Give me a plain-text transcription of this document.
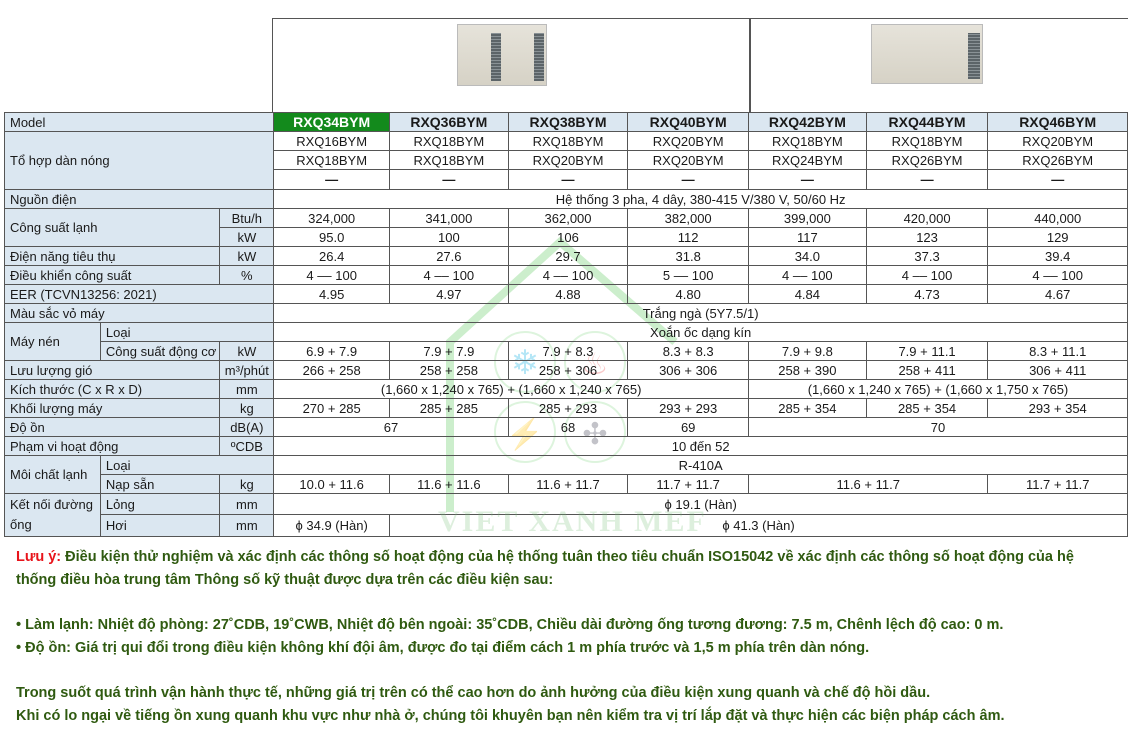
❄ ♨
⚡ ✣
Model			RXQ34BYM	RXQ36BYM	RXQ38BYM	RXQ40BYM	RXQ42BYM	RXQ44BYM	RXQ46BYM
Tổ hợp dàn nóng			RXQ16BYM	RXQ18BYM	RXQ18BYM	RXQ20BYM	RXQ18BYM	RXQ18BYM	RXQ20BYM
			RXQ18BYM	RXQ18BYM	RXQ20BYM	RXQ20BYM	RXQ24BYM	RXQ26BYM	RXQ26BYM
			—	—	—	—	—	—	—
Nguồn điện			Hệ thống 3 pha, 4 dây, 380-415 V/380 V, 50/60 Hz						
Công suất lạnh		Btu/h	324,000	341,000	362,000	382,000	399,000	420,000	440,000
		kW	95.0	100	106	112	117	123	129
Điện năng tiêu thụ		kW	26.4	27.6	29.7	31.8	34.0	37.3	39.4
Điều khiển công suất		%	4 –– 100	4 –– 100	4 –– 100	5 –– 100	4 –– 100	4 –– 100	4 –– 100
EER (TCVN13256: 2021)			4.95	4.97	4.88	4.80	4.84	4.73	4.67
Màu sắc vỏ máy			Trắng ngà (5Y7.5/1)						
Máy nén	Loại		Xoắn ốc dạng kín						
	Công suất động cơ	kW	6.9 + 7.9	7.9 + 7.9	7.9 + 8.3	8.3 + 8.3	7.9 + 9.8	7.9 + 11.1	8.3 + 11.1
Lưu lượng gió		m³/phút	266 + 258	258 + 258	258 + 306	306 + 306	258 + 390	258 + 411	306 + 411
Kích thước (C x R x D)		mm	(1,660 x 1,240 x 765) + (1,660 x 1,240 x 765)				(1,660 x 1,240 x 765) + (1,660 x 1,750 x 765)		
Khối lượng máy		kg	270 + 285	285 + 285	285 + 293	293 + 293	285 + 354	285 + 354	293 + 354
Độ ồn		dB(A)	67		68	69	70		
Phạm vi hoạt động		ºCDB	10 đến 52						
Môi chất lạnh	Loại		R-410A						
	Nạp sẵn	kg	10.0 + 11.6	11.6 + 11.6	11.6 + 11.7	11.7 + 11.7	11.6 + 11.7		11.7 + 11.7
Kết nối đường ống	Lỏng	mm	ϕ 19.1 (Hàn)						
	Hơi	mm	ϕ 34.9 (Hàn)	ϕ 41.3 (Hàn)					
VIET XANH MEF

Lưu ý: Điều kiện thử nghiệm và xác định các thông số hoạt động của hệ thống tuân theo tiêu chuẩn ISO15042 về xác định các thông số hoạt động của hệ thống điều hòa trung tâm Thông số kỹ thuật được dựa trên các điều kiện sau:

• Làm lạnh: Nhiệt độ phòng: 27˚CDB, 19˚CWB, Nhiệt độ bên ngoài: 35˚CDB, Chiều dài đường ống tương đương: 7.5 m, Chênh lệch độ cao: 0 m.

• Độ ồn: Giá trị qui đổi trong điều kiện không khí đội âm, được đo tại điểm cách 1 m phía trước và 1,5 m phía trên dàn nóng.

Trong suốt quá trình vận hành thực tế, những giá trị trên có thể cao hơn do ảnh hưởng của điều kiện xung quanh và chế độ hồi dầu.

Khi có lo ngại về tiếng ồn xung quanh khu vực như nhà ở, chúng tôi khuyên bạn nên kiểm tra vị trí lắp đặt và thực hiện các biện pháp cách âm.
